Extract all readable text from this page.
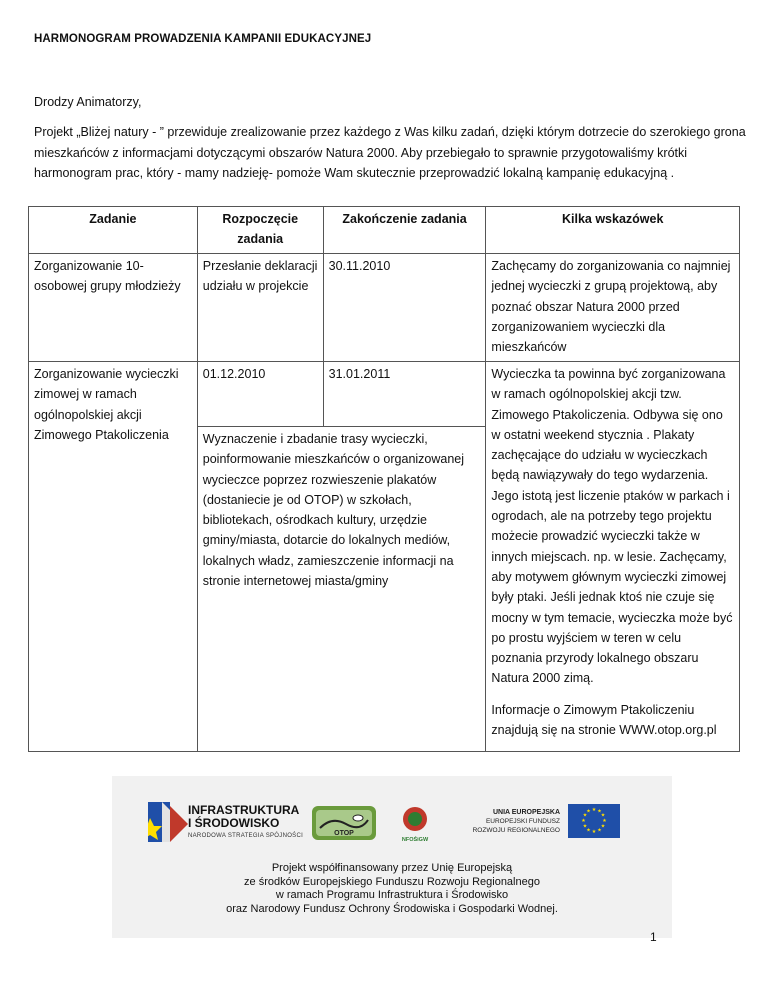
HARMONOGRAM PROWADZENIA KAMPANII EDUKACYJNEJ
Drodzy Animatorzy,
Projekt „Bliżej natury - ” przewiduje zrealizowanie przez każdego z Was kilku zadań, dzięki którym dotrzecie do szerokiego grona mieszkańców z informacjami dotyczącymi obszarów Natura 2000. Aby przebiegało to sprawnie przygotowaliśmy krótki harmonogram prac, który - mamy nadzieję- pomoże Wam skutecznie przeprowadzić lokalną kampanię edukacyjną .
Zadanie	Rozpoczęcie zadania	Zakończenie zadania	Kilka wskazówek
Zorganizowanie 10-osobowej grupy młodzieży	Przesłanie deklaracji udziału w projekcie	30.11.2010	Zachęcamy do zorganizowania co najmniej jednej wycieczki z grupą projektową, aby poznać obszar Natura 2000 przed zorganizowaniem wycieczki dla mieszkańców
Zorganizowanie wycieczki zimowej w ramach ogólnopolskiej akcji Zimowego Ptakoliczenia	01.12.2010	31.01.2011	Wycieczka ta powinna być zorganizowana w ramach ogólnopolskiej akcji tzw. Zimowego Ptakoliczenia. Odbywa się ono w ostatni weekend stycznia . Plakaty zachęcające do udziału w wycieczkach będą nawiązywały do tego wydarzenia. Jego istotą jest liczenie ptaków w parkach i ogrodach, ale na potrzeby tego projektu możecie prowadzić wycieczki także w innych miejscach. np. w lesie. Zachęcamy, aby motywem głównym wycieczki zimowej były ptaki. Jeśli jednak ktoś nie czuje się mocny w tym temacie, wycieczka może być po prostu wyjściem w teren w celu poznania przyrody lokalnego obszaru Natura 2000 zimą.
Informacje o Zimowym Ptakoliczeniu znajdują się na stronie WWW.otop.org.pl

	Wyznaczenie i zbadanie trasy wycieczki, poinformowanie mieszkańców o organizowanej wycieczce poprzez rozwieszenie plakatów (dostaniecie je od OTOP) w szkołach, bibliotekach, ośrodkach kultury, urzędzie gminy/miasta, dotarcie do lokalnych mediów, lokalnych władz, zamieszczenie informacji na stronie internetowej miasta/gminy		
INFRASTRUKTURA
I ŚRODOWISKO
NARODOWA STRATEGIA SPÓJNOŚCI	OTOP
NFOŚiGW
UNIA EUROPEJSKA
EUROPEJSKI FUNDUSZ
ROZWOJU REGIONALNEGO
★ ★
★
★
★
★
★
★
★
★
★
★
Projekt współfinansowany przez Unię Europejską
ze środków Europejskiego Funduszu Rozwoju Regionalnego
w ramach Programu Infrastruktura i Środowisko
oraz Narodowy Fundusz Ochrony Środowiska i Gospodarki Wodnej.
1
